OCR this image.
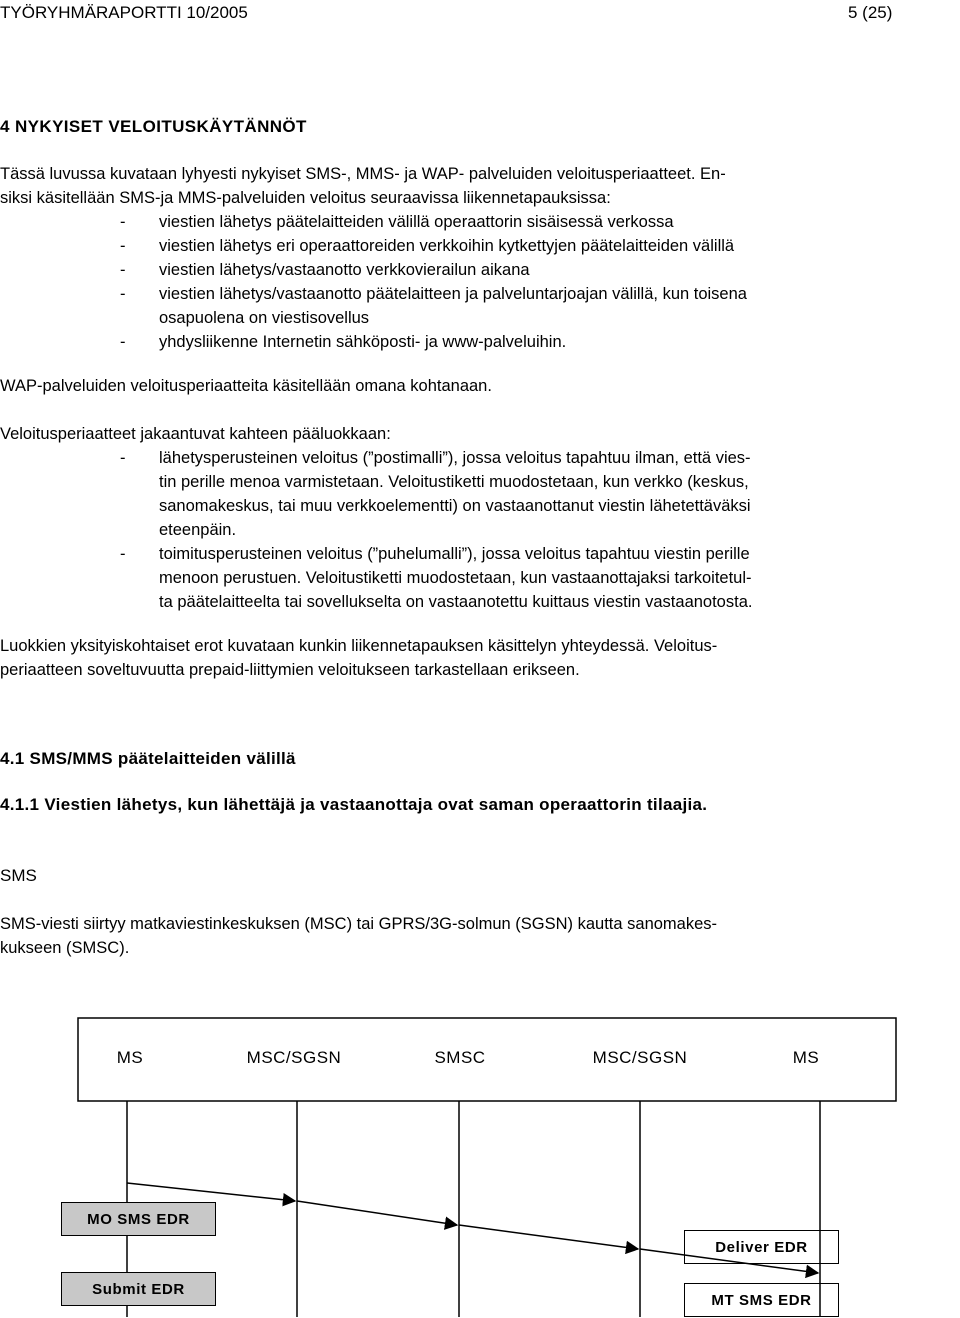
TYÖRYHMÄRAPORTTI 10/2005	5 (25)
4 NYKYISET VELOITUSKÄYTÄNNÖT
Tässä luvussa kuvataan lyhyesti nykyiset SMS-, MMS- ja WAP- palveluiden veloitusperiaatteet. En-
siksi käsitellään SMS-ja MMS-palveluiden veloitus seuraavissa liikennetapauksissa:
- viestien lähetys päätelaitteiden välillä operaattorin sisäisessä verkossa
- viestien lähetys eri operaattoreiden verkkoihin kytkettyjen päätelaitteiden välillä
- viestien lähetys/vastaanotto verkkovierailun aikana
- viestien lähetys/vastaanotto päätelaitteen ja palveluntarjoajan välillä, kun toisena
osapuolena on viestisovellus
- yhdysliikenne Internetin sähköposti- ja www-palveluihin.
WAP-palveluiden veloitusperiaatteita käsitellään omana kohtanaan.
Veloitusperiaatteet jakaantuvat kahteen pääluokkaan:
- lähetysperusteinen veloitus (”postimalli”), jossa veloitus tapahtuu ilman, että vies-
tin perille menoa varmistetaan. Veloitustiketti muodostetaan, kun verkko (keskus,
sanomakeskus, tai muu verkkoelementti) on vastaanottanut viestin lähetettäväksi
eteenpäin.
- toimitusperusteinen veloitus (”puhelumalli”), jossa veloitus tapahtuu viestin perille
menoon perustuen. Veloitustiketti muodostetaan, kun vastaanottajaksi tarkoitetul-
ta päätelaitteelta tai sovellukselta on vastaanotettu kuittaus viestin vastaanotosta.
Luokkien yksityiskohtaiset erot kuvataan kunkin liikennetapauksen käsittelyn yhteydessä. Veloitus-
periaatteen soveltuvuutta prepaid-liittymien veloitukseen tarkastellaan erikseen.
4.1 SMS/MMS päätelaitteiden välillä
4.1.1 Viestien lähetys, kun lähettäjä ja vastaanottaja ovat saman operaattorin tilaajia.
SMS
SMS-viesti siirtyy matkaviestinkeskuksen (MSC) tai GPRS/3G-solmun (SGSN) kautta sanomakes-
kukseen (SMSC).
MS	MSC/SGSN	SMSC	MSC/SGSN	MS
MO SMS EDR
Submit EDR
Deliver EDR
MT SMS EDR
